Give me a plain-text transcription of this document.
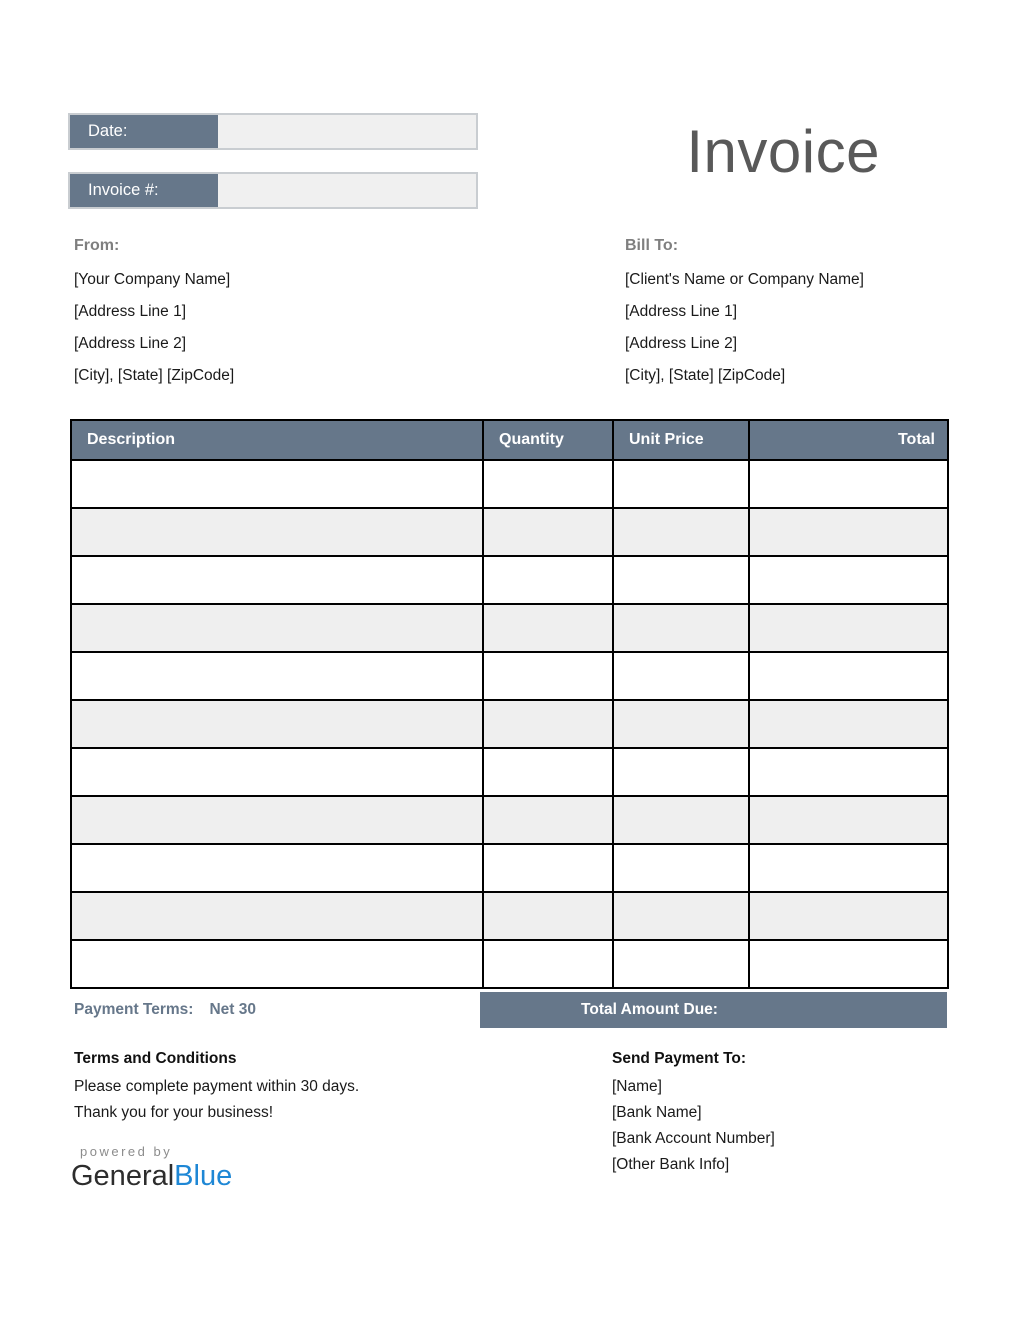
Date:
Invoice #:
Invoice
From:
[Your Company Name]
[Address Line 1]
[Address Line 2]
[City], [State] [ZipCode]
Bill To:
[Client's Name or Company Name]
[Address Line 1]
[Address Line 2]
[City], [State] [ZipCode]
Description	Quantity	Unit Price	Total

Payment Terms: Net 30	Total Amount Due:
Terms and Conditions
Please complete payment within 30 days.
Thank you for your business!
Send Payment To:
[Name]
[Bank Name]
[Bank Account Number]
[Other Bank Info]
powered by
GeneralBlue
